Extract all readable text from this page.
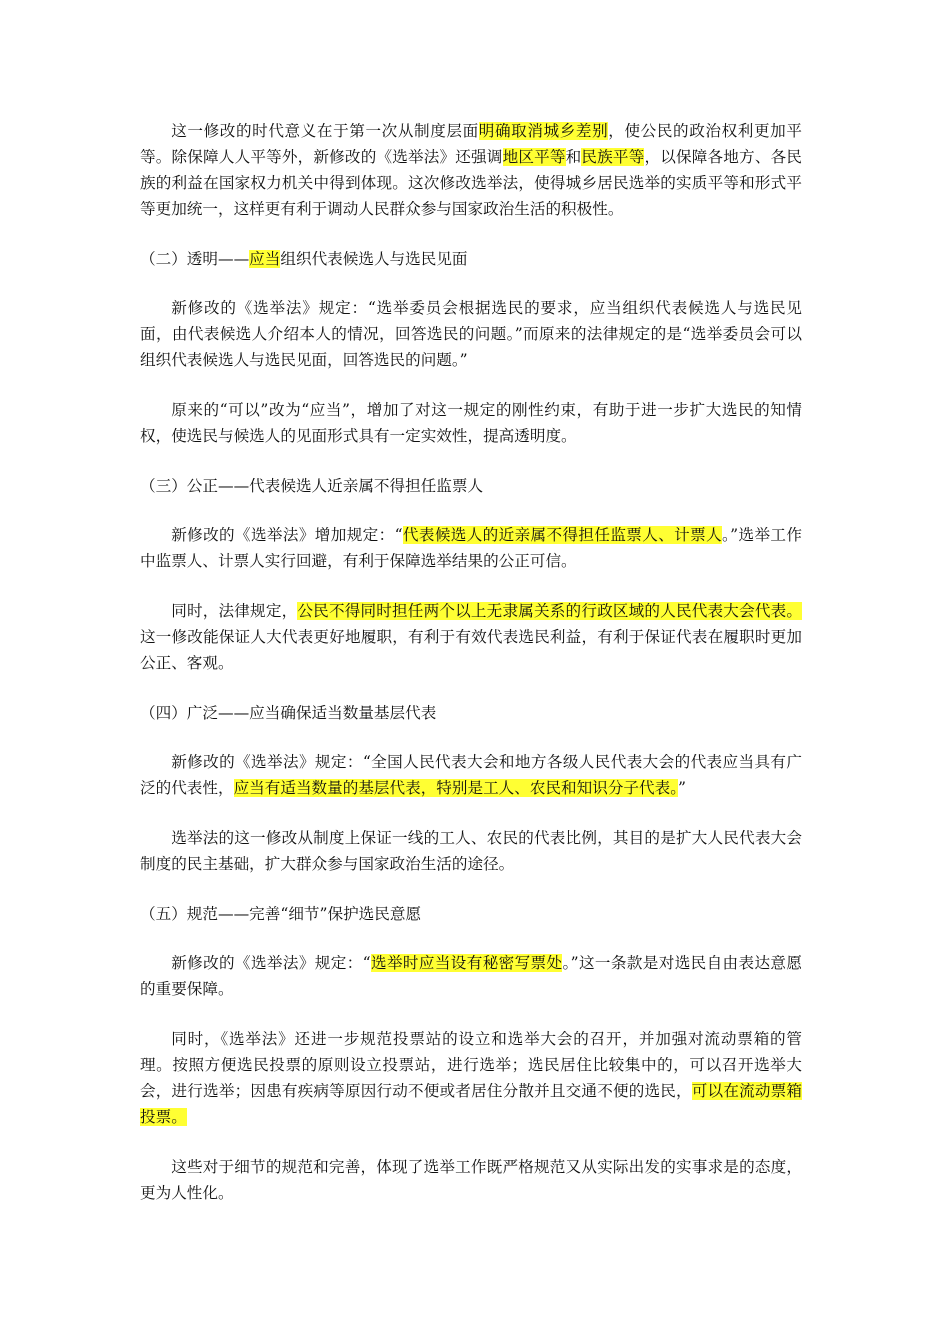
这一修改的时代意义在于第一次从制度层面明确取消城乡差别，使公民的政治权利更加平等。除保障人人平等外，新修改的《选举法》还强调地区平等和民族平等，以保障各地方、各民族的利益在国家权力机关中得到体现。这次修改选举法，使得城乡居民选举的实质平等和形式平等更加统一，这样更有利于调动人民群众参与国家政治生活的积极性。

（二）透明——应当组织代表候选人与选民见面

新修改的《选举法》规定：“选举委员会根据选民的要求，应当组织代表候选人与选民见面，由代表候选人介绍本人的情况，回答选民的问题。”而原来的法律规定的是“选举委员会可以组织代表候选人与选民见面，回答选民的问题。”

原来的“可以”改为“应当”，增加了对这一规定的刚性约束，有助于进一步扩大选民的知情权，使选民与候选人的见面形式具有一定实效性，提高透明度。

（三）公正——代表候选人近亲属不得担任监票人

新修改的《选举法》增加规定：“代表候选人的近亲属不得担任监票人、计票人。”选举工作中监票人、计票人实行回避，有利于保障选举结果的公正可信。

同时，法律规定，公民不得同时担任两个以上无隶属关系的行政区域的人民代表大会代表。这一修改能保证人大代表更好地履职，有利于有效代表选民利益，有利于保证代表在履职时更加公正、客观。

（四）广泛——应当确保适当数量基层代表

新修改的《选举法》规定：“全国人民代表大会和地方各级人民代表大会的代表应当具有广泛的代表性，应当有适当数量的基层代表，特别是工人、农民和知识分子代表。”

选举法的这一修改从制度上保证一线的工人、农民的代表比例，其目的是扩大人民代表大会制度的民主基础，扩大群众参与国家政治生活的途径。

（五）规范——完善“细节”保护选民意愿

新修改的《选举法》规定：“选举时应当设有秘密写票处。”这一条款是对选民自由表达意愿的重要保障。

同时，《选举法》还进一步规范投票站的设立和选举大会的召开，并加强对流动票箱的管理。按照方便选民投票的原则设立投票站，进行选举；选民居住比较集中的，可以召开选举大会，进行选举；因患有疾病等原因行动不便或者居住分散并且交通不便的选民，可以在流动票箱投票。

这些对于细节的规范和完善，体现了选举工作既严格规范又从实际出发的实事求是的态度，更为人性化。
